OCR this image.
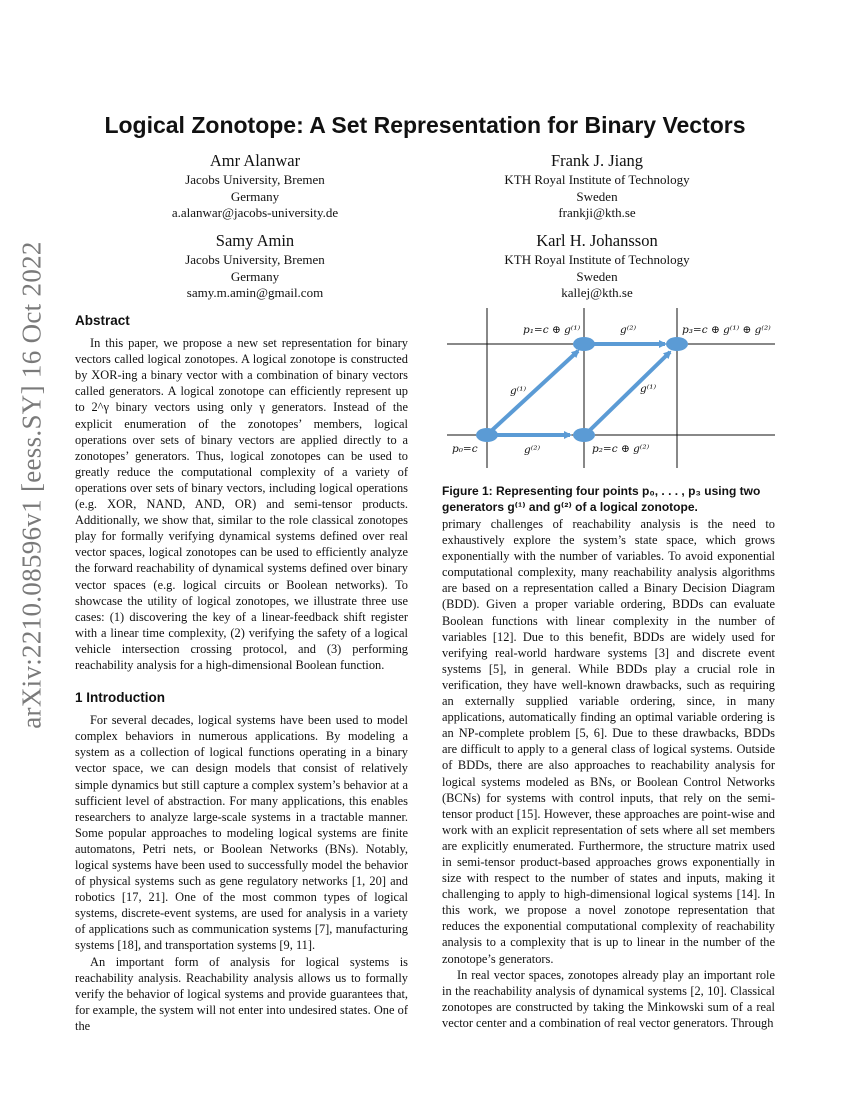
arXiv:2210.08596v1 [eess.SY] 16 Oct 2022
Logical Zonotope: A Set Representation for Binary Vectors
Amr Alanwar
Jacobs University, Bremen
Germany
a.alanwar@jacobs-university.de
Frank J. Jiang
KTH Royal Institute of Technology
Sweden
frankji@kth.se
Samy Amin
Jacobs University, Bremen
Germany
samy.m.amin@gmail.com
Karl H. Johansson
KTH Royal Institute of Technology
Sweden
kallej@kth.se
Abstract

In this paper, we propose a new set representation for binary vectors called logical zonotopes. A logical zonotope is constructed by XOR-ing a binary vector with a combination of binary vectors called generators. A logical zonotope can efficiently represent up to 2^γ binary vectors using only γ generators. Instead of the explicit enumeration of the zonotopes’ members, logical operations over sets of binary vectors are applied directly to a zonotopes’ generators. Thus, logical zonotopes can be used to greatly reduce the computational complexity of a variety of operations over sets of binary vectors, including logical operations (e.g. XOR, NAND, AND, OR) and semi-tensor products. Additionally, we show that, similar to the role classical zonotopes play for formally verifying dynamical systems defined over real vector spaces, logical zonotopes can be used to efficiently analyze the forward reachability of dynamical systems defined over binary vector spaces (e.g. logical circuits or Boolean networks). To showcase the utility of logical zonotopes, we illustrate three use cases: (1) discovering the key of a linear-feedback shift register with a linear time complexity, (2) verifying the safety of a logical vehicle intersection crossing protocol, and (3) performing reachability analysis for a high-dimensional Boolean function.

1 Introduction

For several decades, logical systems have been used to model complex behaviors in numerous applications. By modeling a system as a collection of logical functions operating in a binary vector space, we can design models that consist of relatively simple dynamics but still capture a complex system’s behavior at a sufficient level of abstraction. For many applications, this enables researchers to analyze large-scale systems in a tractable manner. Some popular approaches to modeling logical systems are finite automatons, Petri nets, or Boolean Networks (BNs). Notably, logical systems have been used to successfully model the behavior of physical systems such as gene regulatory networks [1, 20] and robotics [17, 21]. One of the most common types of logical systems, discrete-event systems, are used for analysis in a variety of applications such as communication systems [7], manufacturing systems [18], and transportation systems [9, 11].

An important form of analysis for logical systems is reachability analysis. Reachability analysis allows us to formally verify the behavior of logical systems and provide guarantees that, for example, the system will not enter into undesired states. One of the

p₀=c
p₁=c ⊕ g⁽¹⁾
p₂=c ⊕ g⁽²⁾
p₃=c ⊕ g⁽¹⁾ ⊕ g⁽²⁾
g⁽¹⁾
g⁽²⁾
g⁽²⁾
g⁽¹⁾
Figure 1: Representing four points p₀, . . . , p₃ using two generators g⁽¹⁾ and g⁽²⁾ of a logical zonotope.

primary challenges of reachability analysis is the need to exhaustively explore the system’s state space, which grows exponentially with the number of variables. To avoid exponential computational complexity, many reachability analysis algorithms are based on a representation called a Binary Decision Diagram (BDD). Given a proper variable ordering, BDDs can evaluate Boolean functions with linear complexity in the number of variables [12]. Due to this benefit, BDDs are widely used for verifying real-world hardware systems [3] and discrete event systems [5], in general. While BDDs play a crucial role in verification, they have well-known drawbacks, such as requiring an externally supplied variable ordering, since, in many applications, automatically finding an optimal variable ordering is an NP-complete problem [5, 6]. Due to these drawbacks, BDDs are difficult to apply to a general class of logical systems. Outside of BDDs, there are also approaches to reachability analysis for logical systems modeled as BNs, or Boolean Control Networks (BCNs) for systems with control inputs, that rely on the semi-tensor product [15]. However, these approaches are point-wise and work with an explicit representation of sets where all set members are explicitly enumerated. Furthermore, the structure matrix used in semi-tensor product-based approaches grows exponentially in size with respect to the number of states and inputs, making it challenging to apply to high-dimensional logical systems [14]. In this work, we propose a novel zonotope representation that reduces the exponential computational complexity of reachability analysis to a complexity that is up to linear in the number of the zonotope’s generators.

In real vector spaces, zonotopes already play an important role in the reachability analysis of dynamical systems [2, 10]. Classical zonotopes are constructed by taking the Minkowski sum of a real vector center and a combination of real vector generators. Through
